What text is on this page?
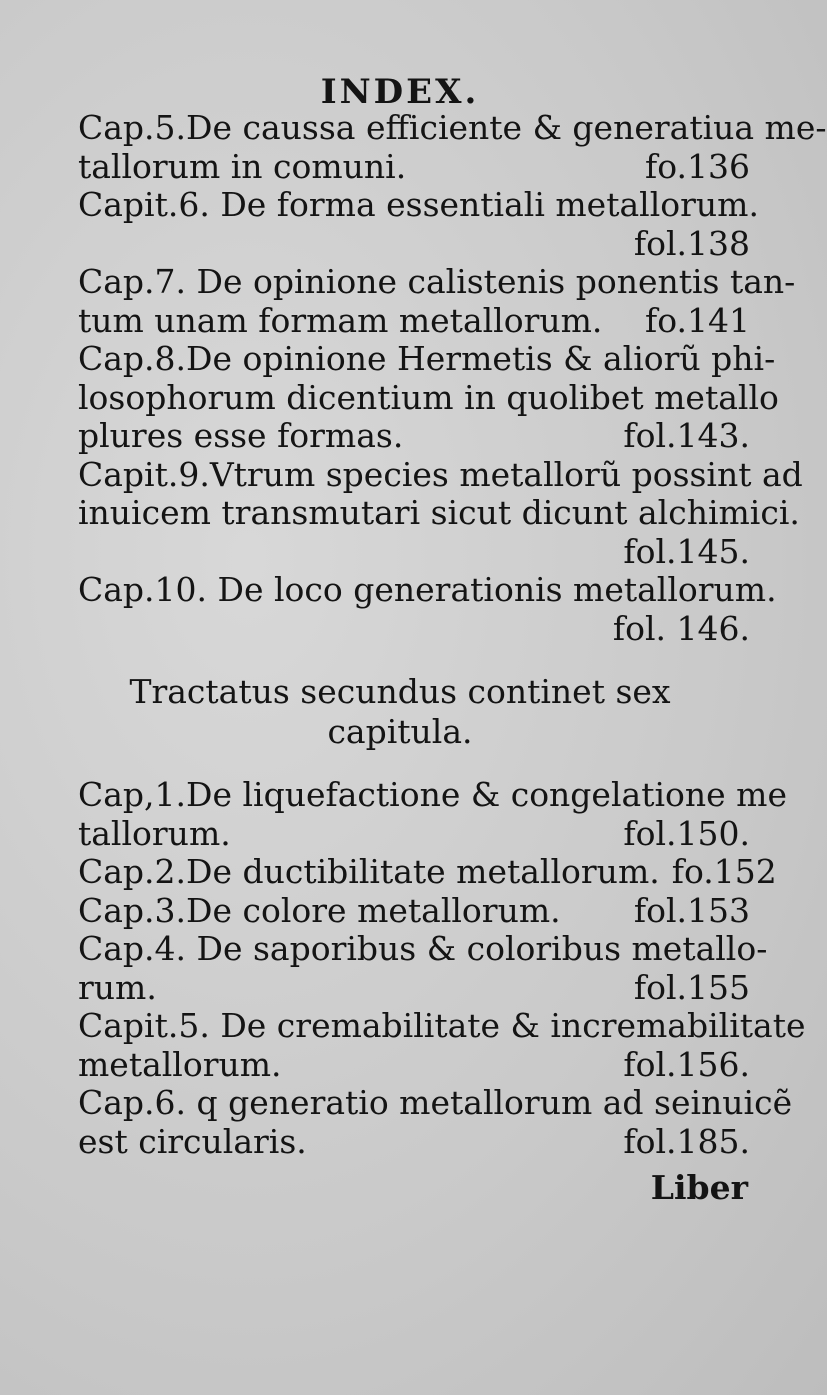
INDEX.
Cap.5.De caussa efficiente & generatiua me-
tallorum in comuni.	fo.136
Capit.6. De forma essentiali metallorum.
fol.138
Cap.7. De opinione calistenis ponentis tan-
tum unam formam metallorum.	fo.141
Cap.8.De opinione Hermetis & aliorũ phi-
losophorum dicentium in quolibet metallo
plures esse formas.	fol.143.
Capit.9.Vtrum species metallorũ possint ad
inuicem transmutari sicut dicunt alchimici.
fol.145.
Cap.10. De loco generationis metallorum.
fol. 146.
Tractatus secundus continet sex
capitula.
Cap,1.De liquefactione & congelatione me
tallorum.	fol.150.
Cap.2.De ductibilitate metallorum. fo.152
Cap.3.De colore metallorum.	fol.153
Cap.4. De saporibus & coloribus metallo-
rum.	fol.155
Capit.5. De cremabilitate & incremabilitate
metallorum.	fol.156.
Cap.6. q generatio metallorum ad seinuicẽ
est circularis.	fol.185.
Liber
